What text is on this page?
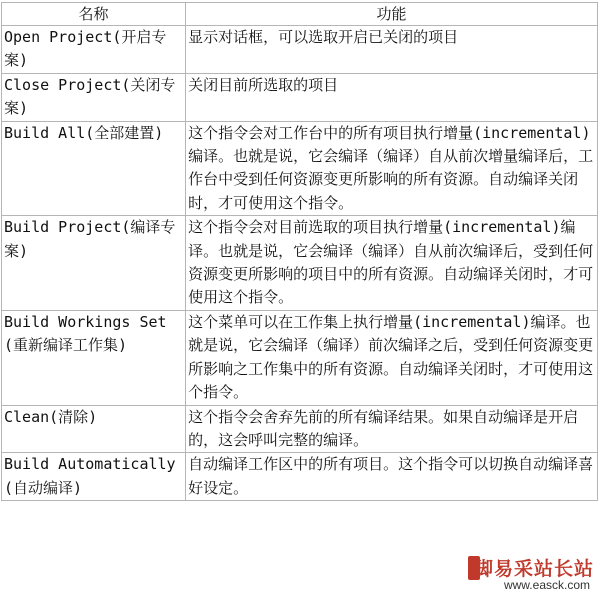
名称	功能
Open Project(开启专案)	显示对话框，可以选取开启已关闭的项目
Close Project(关闭专案)	关闭目前所选取的项目
Build All(全部建置)	这个指令会对工作台中的所有项目执行增量(incremental)编译。也就是说，它会编译（编译）自从前次增量编译后，工作台中受到任何资源变更所影响的所有资源。自动编译关闭时，才可使用这个指令。
Build Project(编译专案)	这个指令会对目前选取的项目执行增量(incremental)编译。也就是说，它会编译（编译）自从前次编译后，受到任何资源变更所影响的项目中的所有资源。自动编译关闭时，才可使用这个指令。
Build Workings Set(重新编译工作集)	这个菜单可以在工作集上执行增量(incremental)编译。也就是说，它会编译（编译）前次编译之后，受到任何资源变更所影响之工作集中的所有资源。自动编译关闭时，才可使用这个指令。
Clean(清除)	这个指令会舍弃先前的所有编译结果。如果自动编译是开启的，这会呼叫完整的编译。
Build Automatically(自动编译)	自动编译工作区中的所有项目。这个指令可以切换自动编译喜好设定。
脚易采站长站
www.easck.com
